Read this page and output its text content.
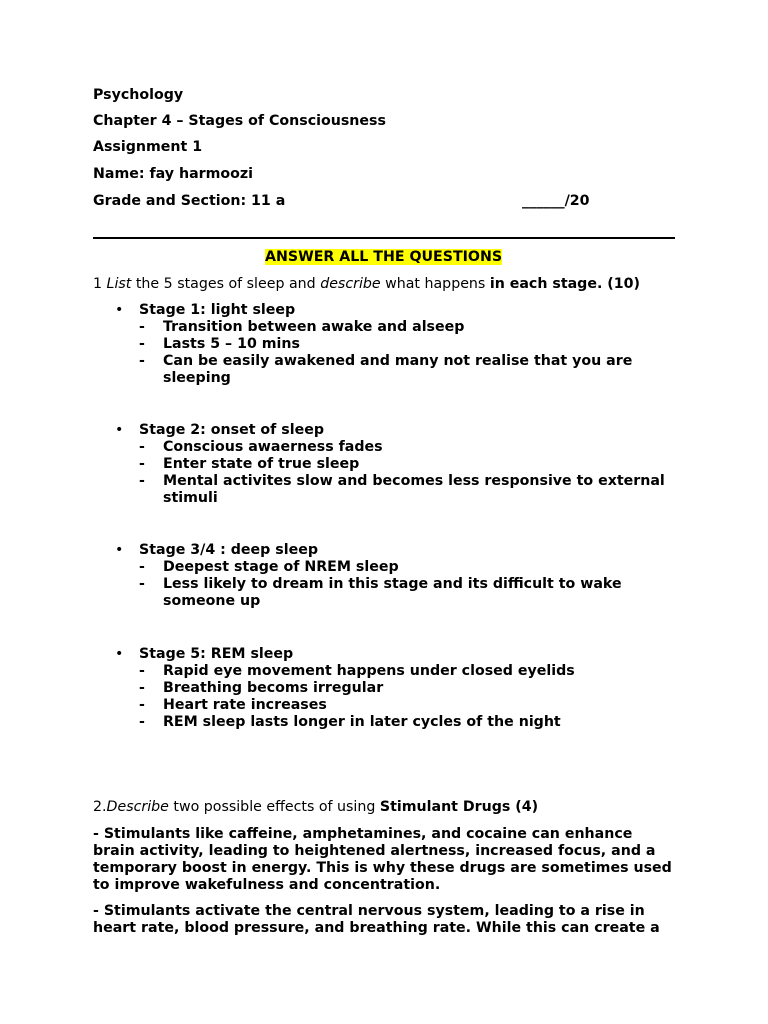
Psychology
Chapter 4 – Stages of Consciousness
Assignment 1
Name: fay harmoozi
Grade and Section: 11 a	______/20
ANSWER ALL THE QUESTIONS
1 List the 5 stages of sleep and describe what happens in each stage. (10)
• Stage 1: light sleep
- Transition between awake and alseep
- Lasts 5 – 10 mins
- Can be easily awakened and many not realise that you are sleeping
• Stage 2: onset of sleep
- Conscious awaerness fades
- Enter state of true sleep
- Mental activites slow and becomes less responsive to external stimuli
• Stage 3/4 : deep sleep
- Deepest stage of NREM sleep
- Less likely to dream in this stage and its difficult to wake someone up
• Stage 5: REM sleep
- Rapid eye movement happens under closed eyelids
- Breathing becoms irregular
- Heart rate increases
- REM sleep lasts longer in later cycles of the night
2.Describe two possible effects of using Stimulant Drugs (4)
- Stimulants like caffeine, amphetamines, and cocaine can enhance brain activity, leading to heightened alertness, increased focus, and a temporary boost in energy. This is why these drugs are sometimes used to improve wakefulness and concentration.
- Stimulants activate the central nervous system, leading to a rise in heart rate, blood pressure, and breathing rate. While this can create a
